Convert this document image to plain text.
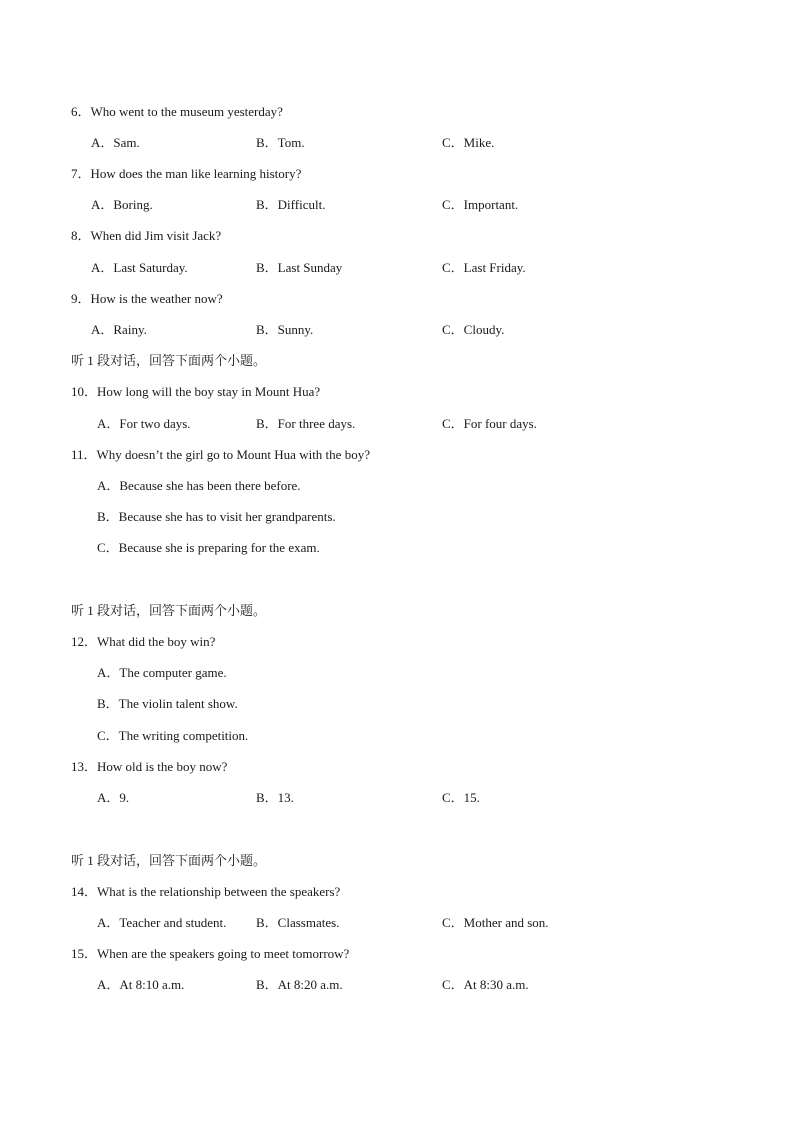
6．Who went to the museum yesterday?
A．Sam.	B．Tom.	C．Mike.
7．How does the man like learning history?
A．Boring.	B．Difficult.	C．Important.
8．When did Jim visit Jack?
A．Last Saturday.	B．Last Sunday	C．Last Friday.
9．How is the weather now?
A．Rainy.	B．Sunny.	C．Cloudy.
听 1 段对话，回答下面两个小题。
10．How long will the boy stay in Mount Hua?
A．For two days.	B．For three days.	C．For four days.
11．Why doesn’t the girl go to Mount Hua with the boy?
A．Because she has been there before.
B．Because she has to visit her grandparents.
C．Because she is preparing for the exam.
听 1 段对话，回答下面两个小题。
12．What did the boy win?
A．The computer game.
B．The violin talent show.
C．The writing competition.
13．How old is the boy now?
A．9.	B．13.	C．15.
听 1 段对话，回答下面两个小题。
14．What is the relationship between the speakers?
A．Teacher and student. B．Classmates.	C．Mother and son.
15．When are the speakers going to meet tomorrow?
A．At 8:10 a.m.	B．At 8:20 a.m.	C．At 8:30 a.m.
